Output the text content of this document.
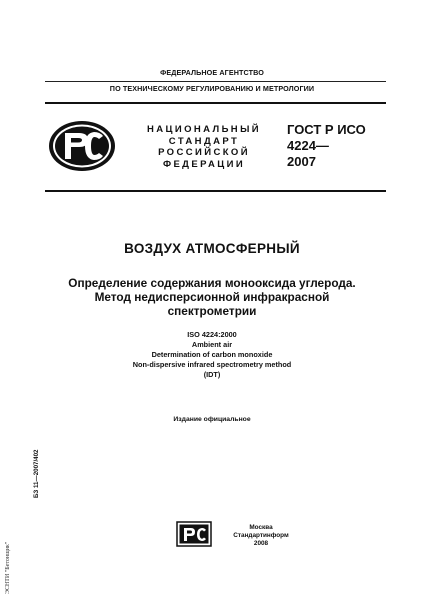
ФЕДЕРАЛЬНОЕ АГЕНТСТВО
ПО ТЕХНИЧЕСКОМУ РЕГУЛИРОВАНИЮ И МЕТРОЛОГИИ
НАЦИОНАЛЬНЫЙ
СТАНДАРТ
РОССИЙСКОЙ
ФЕДЕРАЦИИ
ГОСТ Р ИСО
4224—
2007
ВОЗДУХ АТМОСФЕРНЫЙ
Определение содержания монооксида углерода.
Метод недисперсионной инфракрасной
спектрометрии
ISO 4224:2000
Ambient air
Determination of carbon monoxide
Non-dispersive infrared spectrometry method
(IDT)
Издание официальное
БЗ 11—2007/402
ЭСНТИ "Бетонщик"
Москва
Стандартинформ
2008
